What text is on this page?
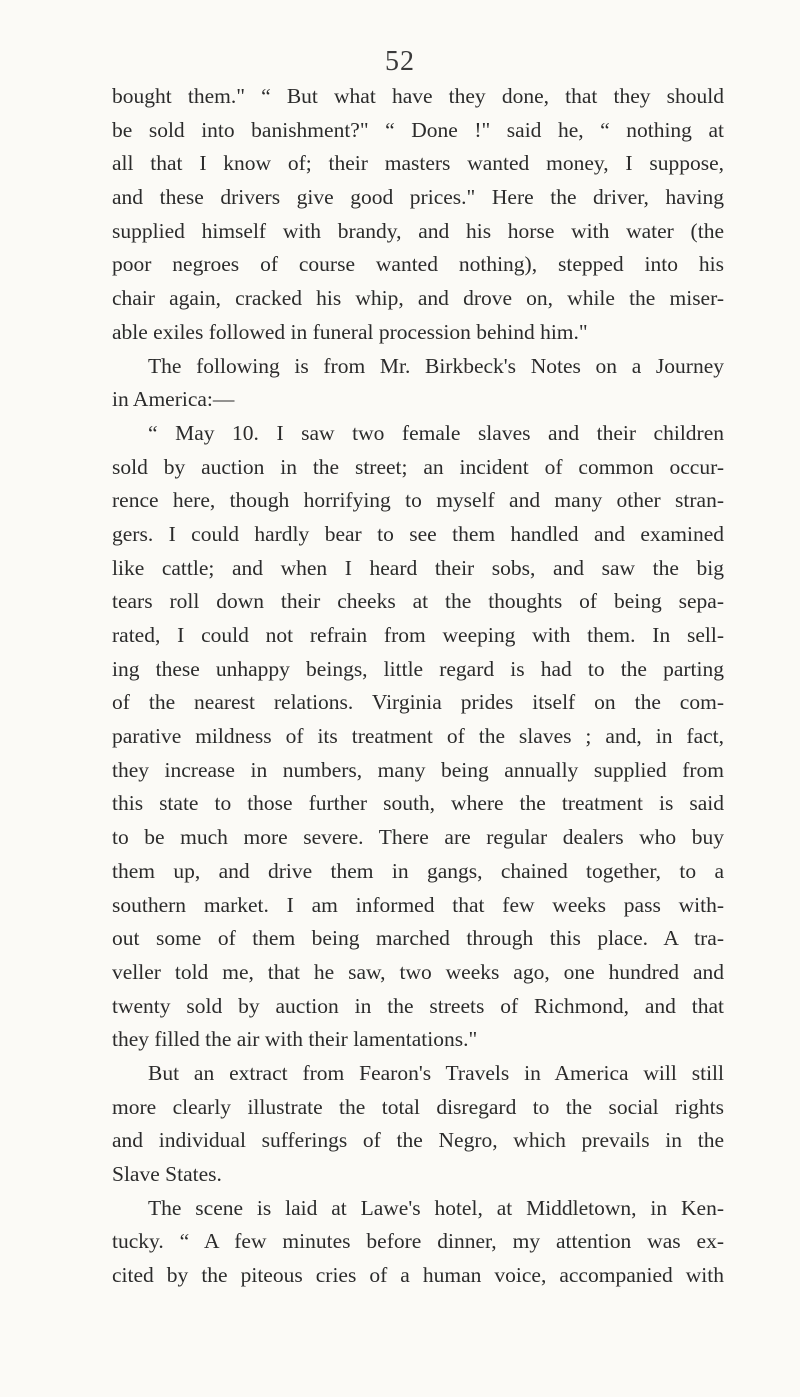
52
bought them." “ But what have they done, that they should
be sold into banishment?" “ Done !" said he, “ nothing at
all that I know of; their masters wanted money, I suppose,
and these drivers give good prices." Here the driver, having
supplied himself with brandy, and his horse with water (the
poor negroes of course wanted nothing), stepped into his
chair again, cracked his whip, and drove on, while the miser-
able exiles followed in funeral procession behind him."
The following is from Mr. Birkbeck's Notes on a Journey
in America:—
“ May 10. I saw two female slaves and their children
sold by auction in the street; an incident of common occur-
rence here, though horrifying to myself and many other stran-
gers. I could hardly bear to see them handled and examined
like cattle; and when I heard their sobs, and saw the big
tears roll down their cheeks at the thoughts of being sepa-
rated, I could not refrain from weeping with them. In sell-
ing these unhappy beings, little regard is had to the parting
of the nearest relations. Virginia prides itself on the com-
parative mildness of its treatment of the slaves ; and, in fact,
they increase in numbers, many being annually supplied from
this state to those further south, where the treatment is said
to be much more severe. There are regular dealers who buy
them up, and drive them in gangs, chained together, to a
southern market. I am informed that few weeks pass with-
out some of them being marched through this place. A tra-
veller told me, that he saw, two weeks ago, one hundred and
twenty sold by auction in the streets of Richmond, and that
they filled the air with their lamentations."
But an extract from Fearon's Travels in America will still
more clearly illustrate the total disregard to the social rights
and individual sufferings of the Negro, which prevails in the
Slave States.
The scene is laid at Lawe's hotel, at Middletown, in Ken-
tucky. “ A few minutes before dinner, my attention was ex-
cited by the piteous cries of a human voice, accompanied with
